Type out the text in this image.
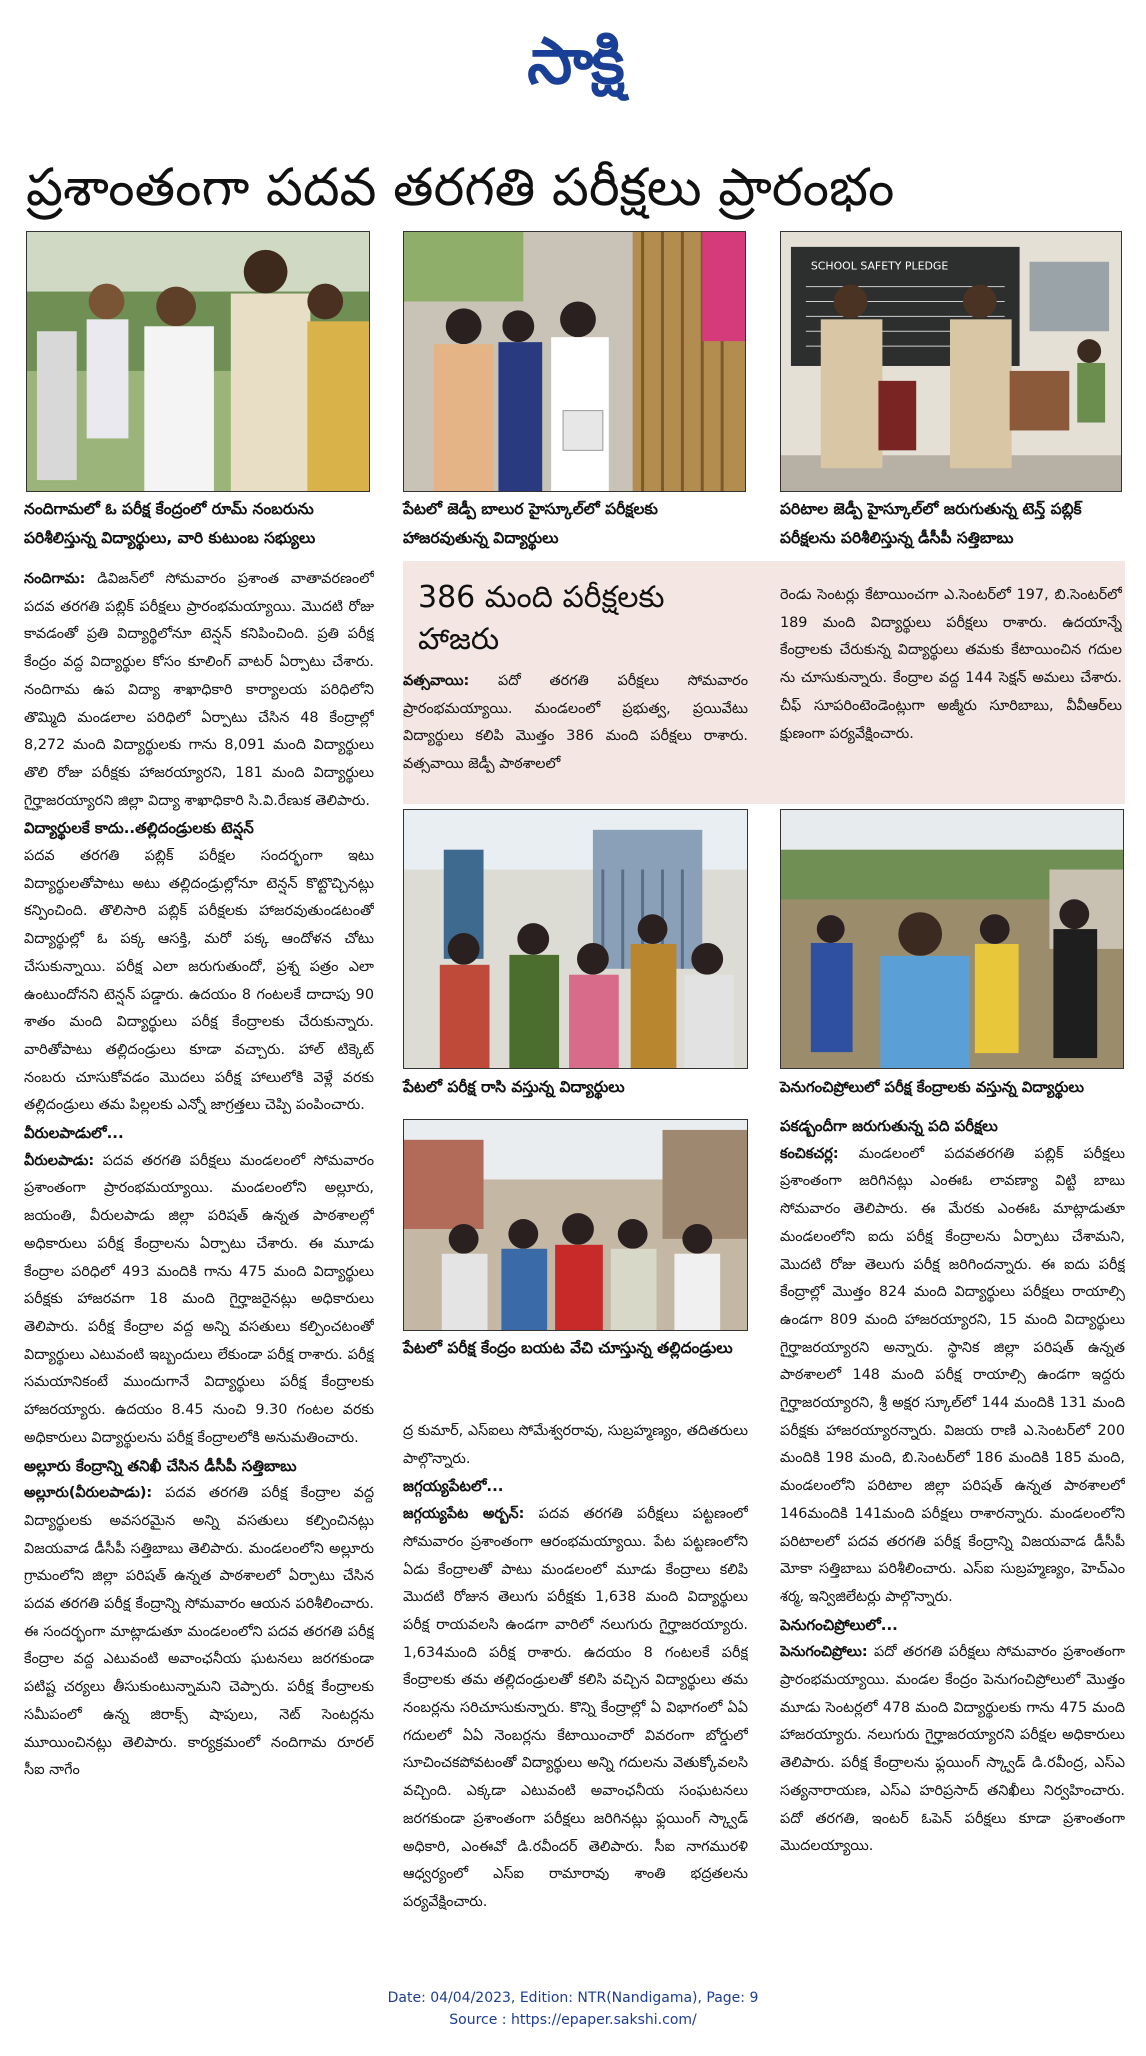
సాక్షి
ప్రశాంతంగా పదవ తరగతి పరీక్షలు ప్రారంభం
SCHOOL SAFETY PLEDGE
నందిగామలో ఓ పరీక్ష కేంద్రంలో రూమ్ నంబరును పరిశీలిస్తున్న విద్యార్థులు, వారి కుటుంబ సభ్యులు
పేటలో జెడ్పీ బాలుర హైస్కూల్‌లో పరీక్షలకు హాజరవుతున్న విద్యార్థులు
పరిటాల జెడ్పీ హైస్కూల్‌లో జరుగుతున్న టెన్త్ పబ్లిక్ పరీక్షలను పరిశీలిస్తున్న డీసీపీ సత్తిబాబు

నందిగామ: డివిజన్‌లో సోమవారం ప్రశాంత వాతావరణంలో పదవ తరగతి పబ్లిక్ పరీక్షలు ప్రారంభమయ్యాయి. మొదటి రోజు కావడంతో ప్రతి విద్యార్థిలోనూ టెన్షన్ కనిపించింది. ప్రతి పరీక్ష కేంద్రం వద్ద విద్యార్థుల కోసం కూలింగ్ వాటర్ ఏర్పాటు చేశారు. నందిగామ ఉప విద్యా శాఖాధికారి కార్యాలయ పరిధిలోని తొమ్మిది మండలాల పరిధిలో ఏర్పాటు చేసిన 48 కేంద్రాల్లో 8,272 మంది విద్యార్థులకు గాను 8,091 మంది విద్యార్థులు తొలి రోజు పరీక్షకు హాజరయ్యారని, 181 మంది విద్యార్థులు గైర్హాజరయ్యారని జిల్లా విద్యా శాఖాధికారి సి.వి.రేణుక తెలిపారు.

విద్యార్థులకే కాదు..తల్లిదండ్రులకు టెన్షన్

పదవ తరగతి పబ్లిక్ పరీక్షల సందర్భంగా ఇటు విద్యార్థులతోపాటు అటు తల్లిదండ్రుల్లోనూ టెన్షన్ కొట్టొచ్చినట్లు కన్పించింది. తొలిసారి పబ్లిక్ పరీక్షలకు హాజరవుతుండటంతో విద్యార్థుల్లో ఓ పక్క ఆసక్తి, మరో పక్క ఆందోళన చోటు చేసుకున్నాయి. పరీక్ష ఎలా జరుగుతుందో, ప్రశ్న పత్రం ఎలా ఉంటుందోనని టెన్షన్ పడ్డారు. ఉదయం 8 గంటలకే దాదాపు 90 శాతం మంది విద్యార్థులు పరీక్ష కేంద్రాలకు చేరుకున్నారు. వారితోపాటు తల్లిదండ్రులు కూడా వచ్చారు. హాల్ టిక్కెట్ నంబరు చూసుకోవడం మొదలు పరీక్ష హాలులోకి వెళ్లే వరకు తల్లిదండ్రులు తమ పిల్లలకు ఎన్నో జాగ్రత్తలు చెప్పి పంపించారు.

వీరులపాడులో...

వీరులపాడు: పదవ తరగతి పరీక్షలు మండలంలో సోమవారం ప్రశాంతంగా ప్రారంభమయ్యాయి. మండలంలోని అల్లూరు, జయంతి, వీరులపాడు జిల్లా పరిషత్ ఉన్నత పాఠశాలల్లో అధికారులు పరీక్ష కేంద్రాలను ఏర్పాటు చేశారు. ఈ మూడు కేంద్రాల పరిధిలో 493 మందికి గాను 475 మంది విద్యార్థులు పరీక్షకు హాజరవగా 18 మంది గైర్హాజరైనట్లు అధికారులు తెలిపారు. పరీక్ష కేంద్రాల వద్ద అన్ని వసతులు కల్పించటంతో విద్యార్థులు ఎటువంటి ఇబ్బందులు లేకుండా పరీక్ష రాశారు. పరీక్ష సమయానికంటే ముందుగానే విద్యార్థులు పరీక్ష కేంద్రాలకు హాజరయ్యారు. ఉదయం 8.45 నుంచి 9.30 గంటల వరకు అధికారులు విద్యార్థులను పరీక్ష కేంద్రాలలోకి అనుమతించారు.

అల్లూరు కేంద్రాన్ని తనిఖీ చేసిన డీసీపీ సత్తిబాబు

అల్లూరు(వీరులపాడు): పదవ తరగతి పరీక్ష కేంద్రాల వద్ద విద్యార్థులకు అవసరమైన అన్ని వసతులు కల్పించినట్లు విజయవాడ డీసీపీ సత్తిబాబు తెలిపారు. మండలంలోని అల్లూరు గ్రామంలోని జిల్లా పరిషత్ ఉన్నత పాఠశాలలో ఏర్పాటు చేసిన పదవ తరగతి పరీక్ష కేంద్రాన్ని సోమవారం ఆయన పరిశీలించారు. ఈ సందర్భంగా మాట్లాడుతూ మండలంలోని పదవ తరగతి పరీక్ష కేంద్రాల వద్ద ఎటువంటి అవాంఛనీయ ఘటనలు జరగకుండా పటిష్ట చర్యలు తీసుకుంటున్నామని చెప్పారు. పరీక్ష కేంద్రాలకు సమీపంలో ఉన్న జిరాక్స్ షాపులు, నెట్ సెంటర్లను మూయించినట్లు తెలిపారు. కార్యక్రమంలో నందిగామ రూరల్ సీఐ నాగేం

386 మంది పరీక్షలకు హాజరు

వత్సవాయి: పదో తరగతి పరీక్షలు సోమవారం ప్రారంభమయ్యాయి. మండలంలో ప్రభుత్వ, ప్రయివేటు విద్యార్థులు కలిపి మొత్తం 386 మంది పరీక్షలు రాశారు. వత్సవాయి జెడ్పీ పాఠశాలలో

రెండు సెంటర్లు కేటాయించగా ఎ.సెంటర్‌లో 197, బి.సెంటర్‌లో 189 మంది విద్యార్థులు పరీక్షలు రాశారు. ఉదయాన్నే కేంద్రాలకు చేరుకున్న విద్యార్థులు తమకు కేటాయించిన గదుల ను చూసుకున్నారు. కేంద్రాల వద్ద 144 సెక్షన్ అమలు చేశారు. చీఫ్ సూపరింటెండెంట్లుగా అజ్మీరు సూరిబాబు, వీవీఆర్‌లు క్షుణంగా పర్యవేక్షించారు.
పేటలో పరీక్ష రాసి వస్తున్న విద్యార్థులు	పెనుగంచిప్రోలులో పరీక్ష కేంద్రాలకు వస్తున్న విద్యార్థులు
పేటలో పరీక్ష కేంద్రం బయట వేచి చూస్తున్న తల్లిదండ్రులు

ద్ర కుమార్, ఎస్‌ఐలు సోమేశ్వరరావు, సుబ్రహ్మణ్యం, తదితరులు పాల్గొన్నారు.

జగ్గయ్యపేటలో...

జగ్గయ్యపేట అర్బన్: పదవ తరగతి పరీక్షలు పట్టణంలో సోమవారం ప్రశాంతంగా ఆరంభమయ్యాయి. పేట పట్టణంలోని ఏడు కేంద్రాలతో పాటు మండలంలో మూడు కేంద్రాలు కలిపి మొదటి రోజున తెలుగు పరీక్షకు 1,638 మంది విద్యార్థులు పరీక్ష రాయవలసి ఉండగా వారిలో నలుగురు గైర్హాజరయ్యారు. 1,634మంది పరీక్ష రాశారు. ఉదయం 8 గంటలకే పరీక్ష కేంద్రాలకు తమ తల్లిదండ్రులతో కలిసి వచ్చిన విద్యార్థులు తమ నంబర్లను సరిచూసుకున్నారు. కొన్ని కేంద్రాల్లో ఏ విభాగంలో ఏఏ గదులలో ఏఏ నెంబర్లను కేటాయించారో వివరంగా బోర్డులో సూచించకపోవటంతో విద్యార్థులు అన్ని గదులను వెతుక్కోవలసి వచ్చింది. ఎక్కడా ఎటువంటి అవాంఛనీయ సంఘటనలు జరగకుండా ప్రశాంతంగా పరీక్షలు జరిగినట్లు ఫ్లయింగ్ స్క్వాడ్ అధికారి, ఎంఈవో డి.రవీందర్ తెలిపారు. సీఐ నాగమురళి ఆధ్వర్యంలో ఎస్ఐ రామారావు శాంతి భద్రతలను పర్యవేక్షించారు.

పకడ్బందీగా జరుగుతున్న పది పరీక్షలు

కంచికచర్ల: మండలంలో పదవతరగతి పబ్లిక్ పరీక్షలు ప్రశాంతంగా జరిగినట్లు ఎంఈఓ లావణ్యా విట్టి బాబు సోమవారం తెలిపారు. ఈ మేరకు ఎంఈఓ మాట్లాడుతూ మండలంలోని ఐదు పరీక్ష కేంద్రాలను ఏర్పాటు చేశామని, మొదటి రోజు తెలుగు పరీక్ష జరిగిందన్నారు. ఈ ఐదు పరీక్ష కేంద్రాల్లో మొత్తం 824 మంది విద్యార్థులు పరీక్షలు రాయాల్సి ఉండగా 809 మంది హాజరయ్యారని, 15 మంది విద్యార్థులు గైర్హాజరయ్యారని అన్నారు. స్థానిక జిల్లా పరిషత్ ఉన్నత పాఠశాలలో 148 మంది పరీక్ష రాయాల్సి ఉండగా ఇద్దరు గైర్హాజరయ్యారని, శ్రీ అక్షర స్కూల్‌లో 144 మందికి 131 మంది పరీక్షకు హాజరయ్యారన్నారు. విజయ రాణి ఎ.సెంటర్‌లో 200 మందికి 198 మంది, బి.సెంటర్‌లో 186 మందికి 185 మంది, మండలంలోని పరిటాల జిల్లా పరిషత్ ఉన్నత పాఠశాలలో 146మందికి 141మంది పరీక్షలు రాశారన్నారు. మండలంలోని పరిటాలలో పదవ తరగతి పరీక్ష కేంద్రాన్ని విజయవాడ డీసీపీ మోకా సత్తిబాబు పరిశీలించారు. ఎస్ఐ సుబ్రహ్మణ్యం, హెచ్ఎం శర్మ, ఇన్విజిలేటర్లు పాల్గొన్నారు.

పెనుగంచిప్రోలులో...

పెనుగంచిప్రోలు: పదో తరగతి పరీక్షలు సోమవారం ప్రశాంతంగా ప్రారంభమయ్యాయి. మండల కేంద్రం పెనుగంచిప్రోలులో మొత్తం మూడు సెంటర్లలో 478 మంది విద్యార్థులకు గాను 475 మంది హాజరయ్యారు. నలుగురు గైర్హాజరయ్యారని పరీక్షల అధికారులు తెలిపారు. పరీక్ష కేంద్రాలను ఫ్లయింగ్ స్క్వాడ్ డి.రవీంద్ర, ఎస్ఎ సత్యనారాయణ, ఎస్ఎ హరిప్రసాద్ తనిఖీలు నిర్వహించారు. పదో తరగతి, ఇంటర్ ఓపెన్ పరీక్షలు కూడా ప్రశాంతంగా మొదలయ్యాయి.

Date: 04/04/2023, Edition: NTR(Nandigama), Page: 9
Source : https://epaper.sakshi.com/
